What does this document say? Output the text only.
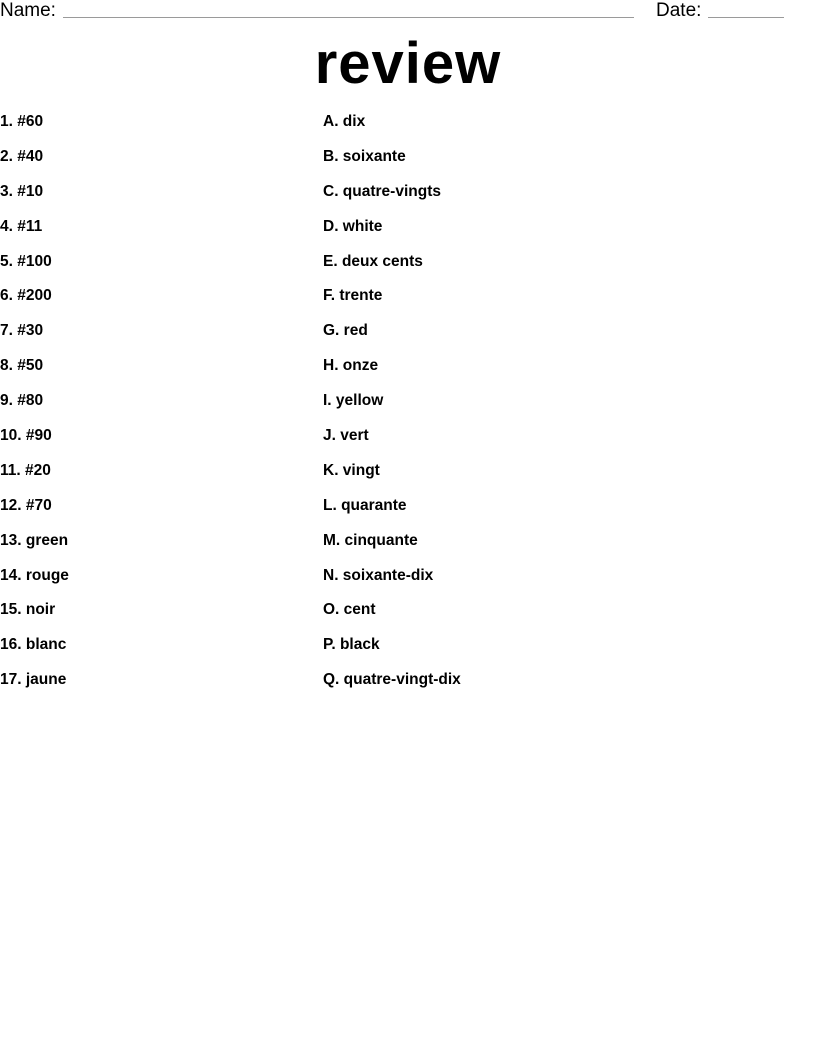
Name:	Date:
review
1. #60
2. #40
3. #10
4. #11
5. #100
6. #200
7. #30
8. #50
9. #80
10. #90
11. #20
12. #70
13. green
14. rouge
15. noir
16. blanc
17. jaune
A. dix
B. soixante
C. quatre-vingts
D. white
E. deux cents
F. trente
G. red
H. onze
I. yellow
J. vert
K. vingt
L. quarante
M. cinquante
N. soixante-dix
O. cent
P. black
Q. quatre-vingt-dix
